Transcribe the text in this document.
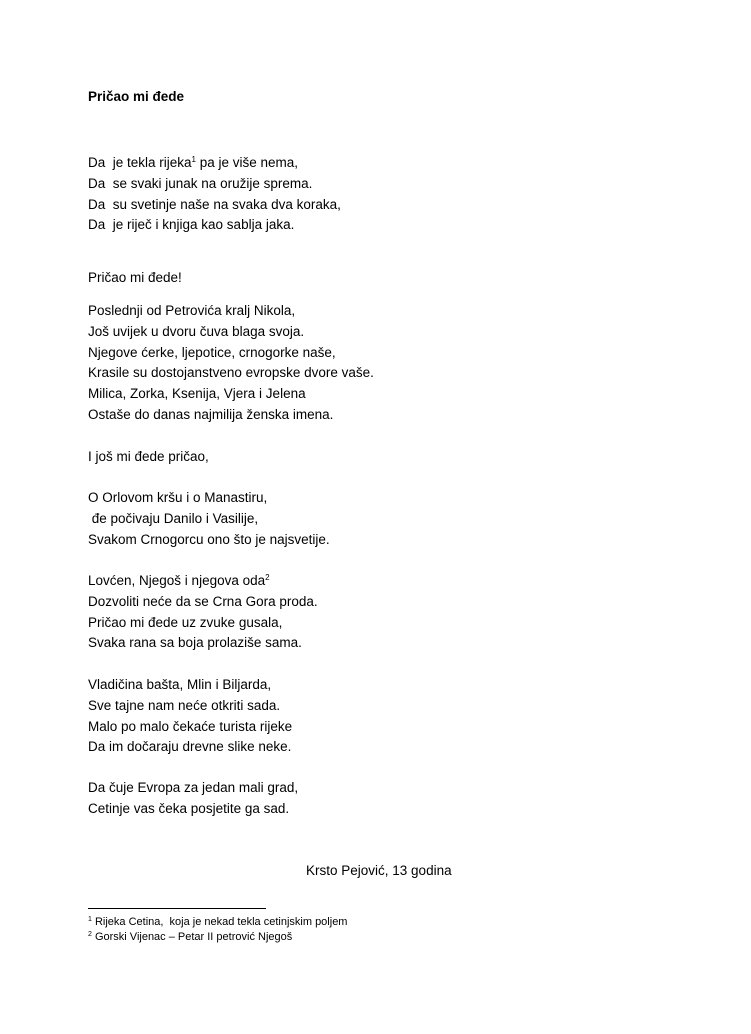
Pričao mi đede
Da  je tekla rijeka$^1$ pa je više nema,
Da  se svaki junak na oružije sprema.
Da  su svetinje naše na svaka dva koraka,
Da  je riječ i knjiga kao sablja jaka.
Pričao mi đede!
Poslednji od Petrovića kralj Nikola,
Još uvijek u dvoru čuva blaga svoja.
Njegove ćerke, ljepotice, crnogorke naše,
Krasile su dostojanstveno evropske dvore vaše.
Milica, Zorka, Ksenija, Vjera i Jelena
Ostaše do danas najmilija ženska imena.
I još mi đede pričao,
O Orlovom kršu i o Manastiru,
đe počivaju Danilo i Vasilije,
Svakom Crnogorcu ono što je najsvetije.
Lovćen, Njegoš i njegova oda$^2$
Dozvoliti neće da se Crna Gora proda.
Pričao mi đede uz zvuke gusala,
Svaka rana sa boja prolaziše sama.
Vladičina bašta, Mlin i Biljarda,
Sve tajne nam neće otkriti sada.
Malo po malo čekaće turista rijeke
Da im dočaraju drevne slike neke.
Da čuje Evropa za jedan mali grad,
Cetinje vas čeka posjetite ga sad.
Krsto Pejović, 13 godina
$^1$ Rijeka Cetina,  koja je nekad tekla cetinjskim poljem
$^2$ Gorski Vijenac – Petar II petrović Njegoš
